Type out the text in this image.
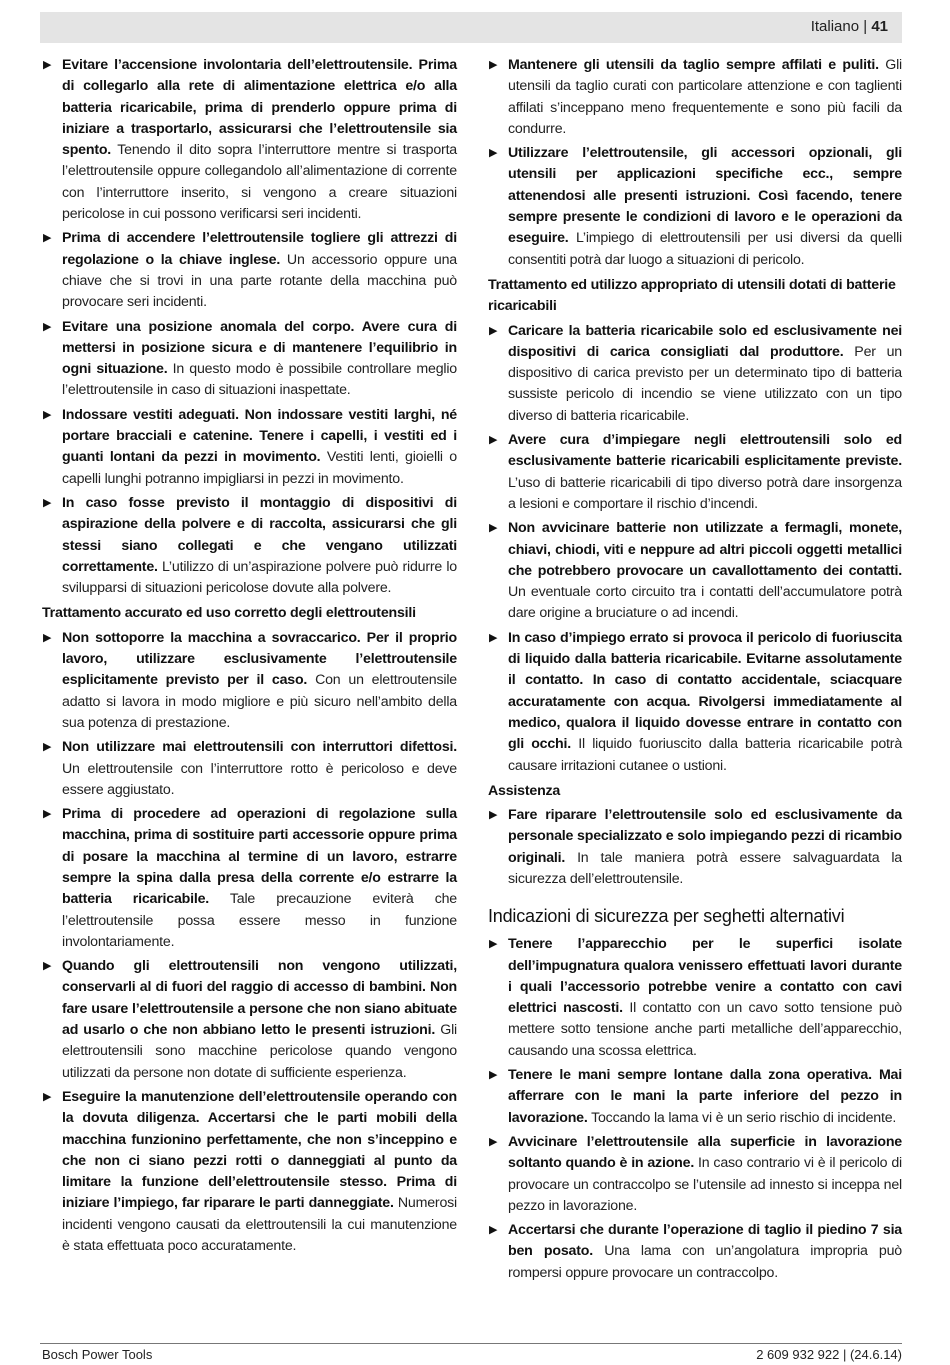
Italiano | 41
▶ Evitare l’accensione involontaria dell’elettroutensile. Prima di collegarlo alla rete di alimentazione elettrica e/o alla batteria ricaricabile, prima di prenderlo oppure prima di iniziare a trasportarlo, assicurarsi che l’elettroutensile sia spento. Tenendo il dito sopra l’interruttore mentre si trasporta l’elettroutensile oppure collegandolo all’alimentazione di corrente con l’interruttore inserito, si vengono a creare situazioni pericolose in cui possono verificarsi seri incidenti.
▶ Prima di accendere l’elettroutensile togliere gli attrezzi di regolazione o la chiave inglese. Un accessorio oppure una chiave che si trovi in una parte rotante della macchina può provocare seri incidenti.
▶ Evitare una posizione anomala del corpo. Avere cura di mettersi in posizione sicura e di mantenere l’equilibrio in ogni situazione. In questo modo è possibile controllare meglio l’elettroutensile in caso di situazioni inaspettate.
▶ Indossare vestiti adeguati. Non indossare vestiti larghi, né portare bracciali e catenine. Tenere i capelli, i vestiti ed i guanti lontani da pezzi in movimento. Vestiti lenti, gioielli o capelli lunghi potranno impigliarsi in pezzi in movimento.
▶ In caso fosse previsto il montaggio di dispositivi di aspirazione della polvere e di raccolta, assicurarsi che gli stessi siano collegati e che vengano utilizzati correttamente. L’utilizzo di un’aspirazione polvere può ridurre lo svilupparsi di situazioni pericolose dovute alla polvere.
Trattamento accurato ed uso corretto degli elettroutensili
▶ Non sottoporre la macchina a sovraccarico. Per il proprio lavoro, utilizzare esclusivamente l’elettroutensile esplicitamente previsto per il caso. Con un elettroutensile adatto si lavora in modo migliore e più sicuro nell’ambito della sua potenza di prestazione.
▶ Non utilizzare mai elettroutensili con interruttori difettosi. Un elettroutensile con l’interruttore rotto è pericoloso e deve essere aggiustato.
▶ Prima di procedere ad operazioni di regolazione sulla macchina, prima di sostituire parti accessorie oppure prima di posare la macchina al termine di un lavoro, estrarre sempre la spina dalla presa della corrente e/o estrarre la batteria ricaricabile. Tale precauzione eviterà che l’elettroutensile possa essere messo in funzione involontariamente.
▶ Quando gli elettroutensili non vengono utilizzati, conservarli al di fuori del raggio di accesso di bambini. Non fare usare l’elettroutensile a persone che non siano abituate ad usarlo o che non abbiano letto le presenti istruzioni. Gli elettroutensili sono macchine pericolose quando vengono utilizzati da persone non dotate di sufficiente esperienza.
▶ Eseguire la manutenzione dell’elettroutensile operando con la dovuta diligenza. Accertarsi che le parti mobili della macchina funzionino perfettamente, che non s’inceppino e che non ci siano pezzi rotti o danneggiati al punto da limitare la funzione dell’elettroutensile stesso. Prima di iniziare l’impiego, far riparare le parti danneggiate. Numerosi incidenti vengono causati da elettroutensili la cui manutenzione è stata effettuata poco accuratamente.
▶ Mantenere gli utensili da taglio sempre affilati e puliti. Gli utensili da taglio curati con particolare attenzione e con taglienti affilati s’inceppano meno frequentemente e sono più facili da condurre.
▶ Utilizzare l’elettroutensile, gli accessori opzionali, gli utensili per applicazioni specifiche ecc., sempre attenendosi alle presenti istruzioni. Così facendo, tenere sempre presente le condizioni di lavoro e le operazioni da eseguire. L’impiego di elettroutensili per usi diversi da quelli consentiti potrà dar luogo a situazioni di pericolo.
Trattamento ed utilizzo appropriato di utensili dotati di batterie ricaricabili
▶ Caricare la batteria ricaricabile solo ed esclusivamente nei dispositivi di carica consigliati dal produttore. Per un dispositivo di carica previsto per un determinato tipo di batteria sussiste pericolo di incendio se viene utilizzato con un tipo diverso di batteria ricaricabile.
▶ Avere cura d’impiegare negli elettroutensili solo ed esclusivamente batterie ricaricabili esplicitamente previste. L’uso di batterie ricaricabili di tipo diverso potrà dare insorgenza a lesioni e comportare il rischio d’incendi.
▶ Non avvicinare batterie non utilizzate a fermagli, monete, chiavi, chiodi, viti e neppure ad altri piccoli oggetti metallici che potrebbero provocare un cavallottamento dei contatti. Un eventuale corto circuito tra i contatti dell’accumulatore potrà dare origine a bruciature o ad incendi.
▶ In caso d’impiego errato si provoca il pericolo di fuoriuscita di liquido dalla batteria ricaricabile. Evitarne assolutamente il contatto. In caso di contatto accidentale, sciacquare accuratamente con acqua. Rivolgersi immediatamente al medico, qualora il liquido dovesse entrare in contatto con gli occhi. Il liquido fuoriuscito dalla batteria ricaricabile potrà causare irritazioni cutanee o ustioni.
Assistenza
▶ Fare riparare l’elettroutensile solo ed esclusivamente da personale specializzato e solo impiegando pezzi di ricambio originali. In tale maniera potrà essere salvaguardata la sicurezza dell’elettroutensile.
Indicazioni di sicurezza per seghetti alternativi
▶ Tenere l’apparecchio per le superfici isolate dell’impugnatura qualora venissero effettuati lavori durante i quali l’accessorio potrebbe venire a contatto con cavi elettrici nascosti. Il contatto con un cavo sotto tensione può mettere sotto tensione anche parti metalliche dell’apparecchio, causando una scossa elettrica.
▶ Tenere le mani sempre lontane dalla zona operativa. Mai afferrare con le mani la parte inferiore del pezzo in lavorazione. Toccando la lama vi è un serio rischio di incidente.
▶ Avvicinare l’elettroutensile alla superficie in lavorazione soltanto quando è in azione. In caso contrario vi è il pericolo di provocare un contraccolpo se l’utensile ad innesto si inceppa nel pezzo in lavorazione.
▶ Accertarsi che durante l’operazione di taglio il piedino 7 sia ben posato. Una lama con un’angolatura impropria può rompersi oppure provocare un contraccolpo.
Bosch Power Tools	2 609 932 922 | (24.6.14)
